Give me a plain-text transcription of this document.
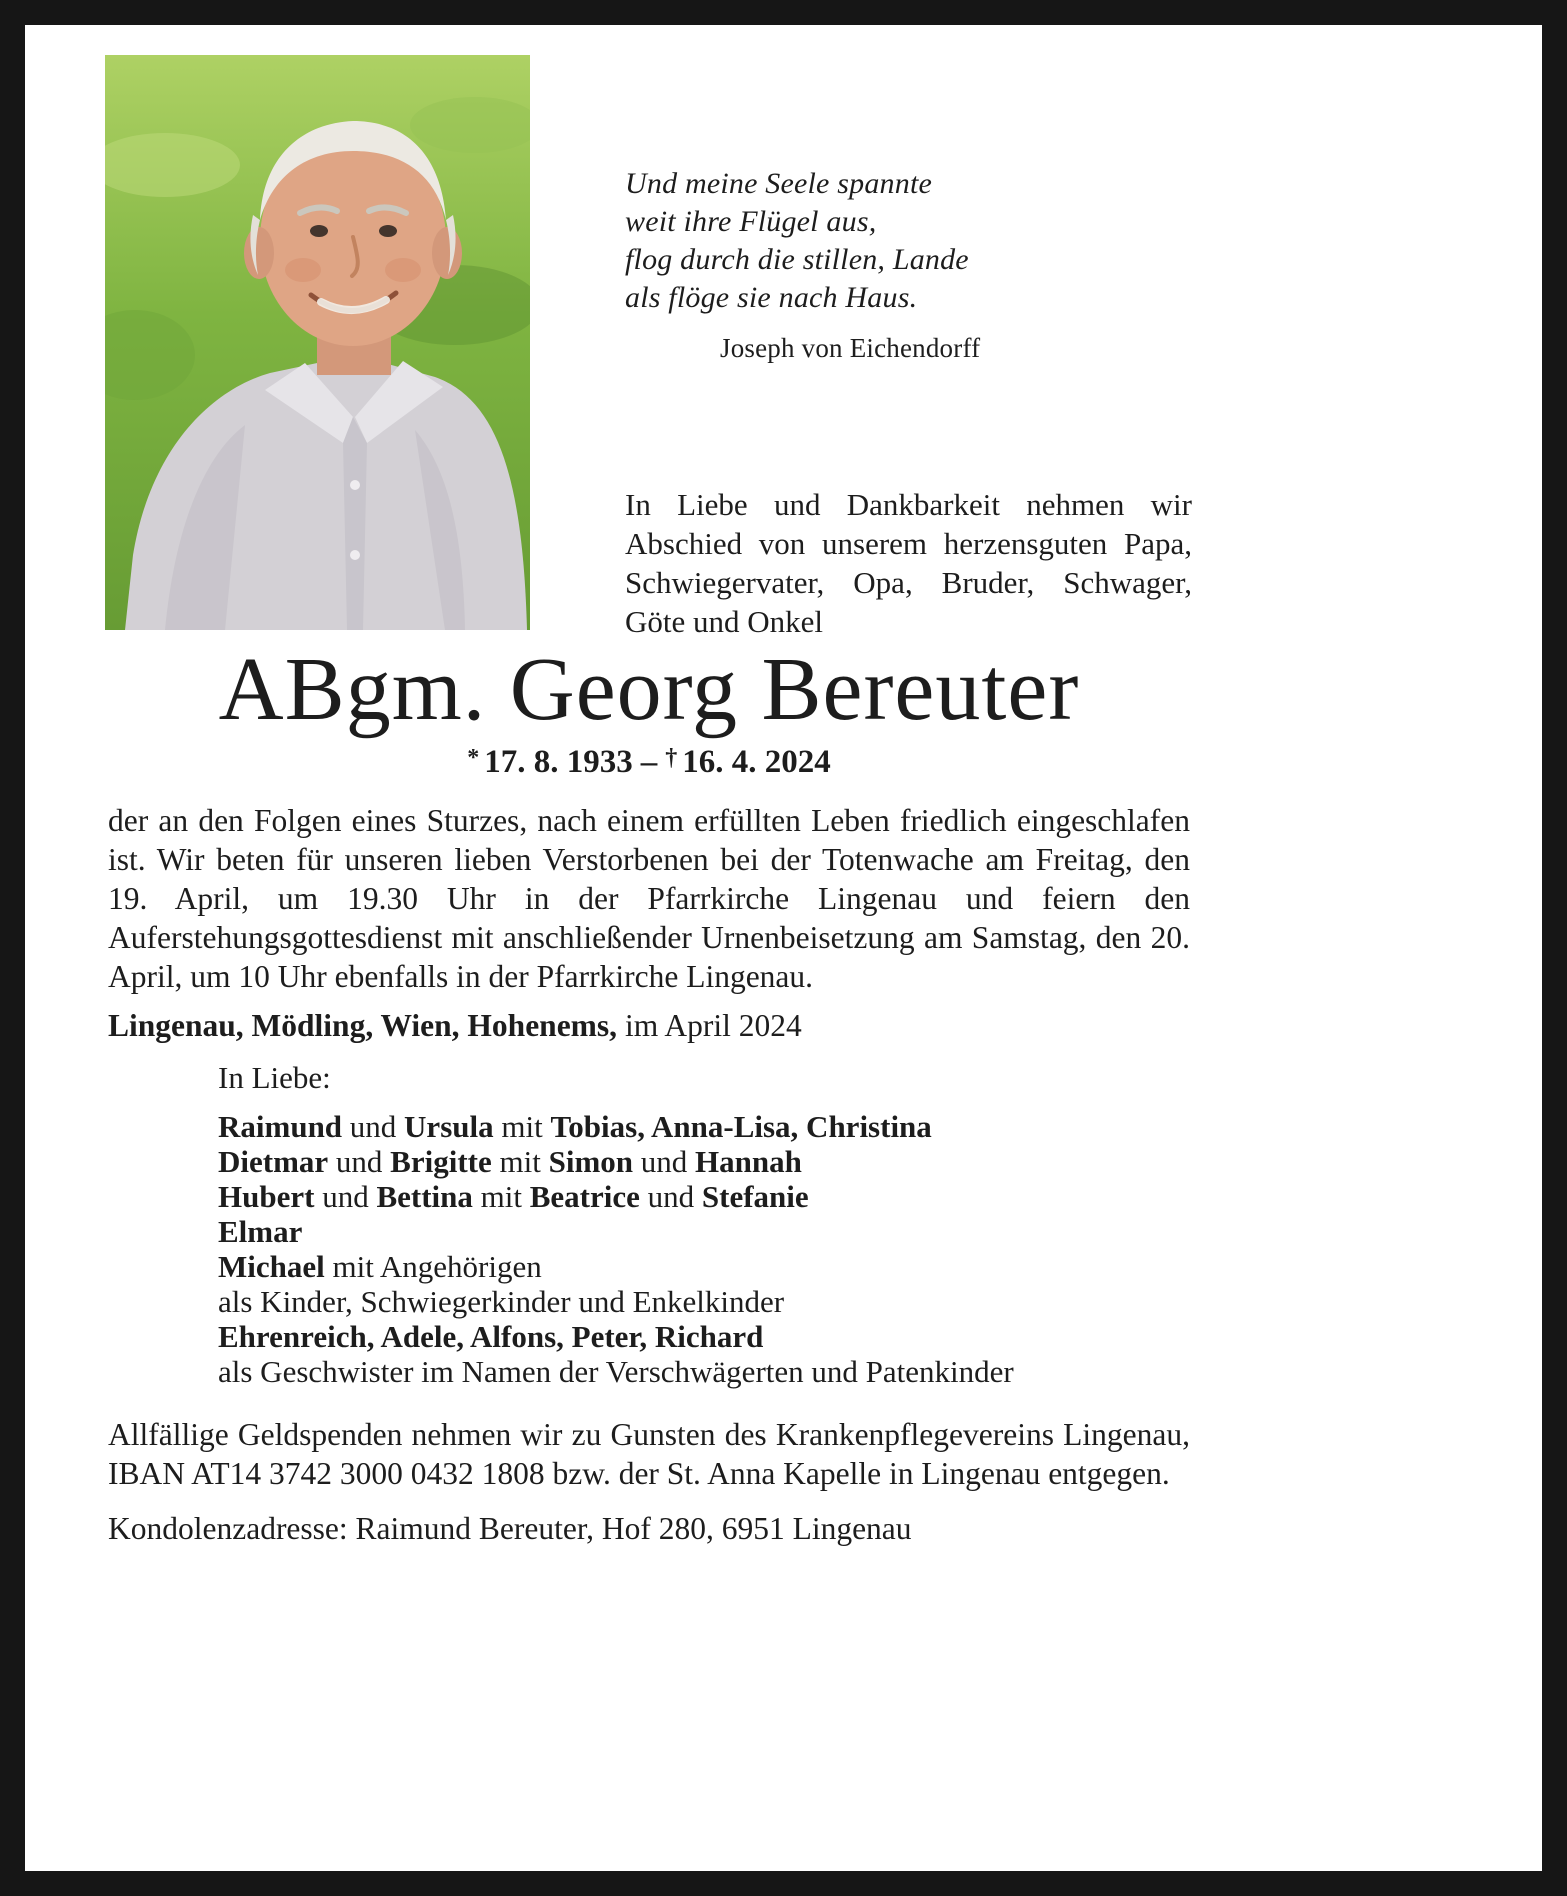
Und meine Seele spannte
weit ihre Flügel aus,
flog durch die stillen, Lande
als flöge sie nach Haus.
Joseph von Eichendorff

In Liebe und Dankbarkeit nehmen wir Abschied von unserem herzensguten Papa, Schwiegervater, Opa, Bruder, Schwager, Göte und Onkel

ABgm. Georg Bereuter
* 17. 8. 1933 – † 16. 4. 2024

der an den Folgen eines Sturzes, nach einem erfüllten Leben friedlich eingeschlafen ist. Wir beten für unseren lieben Verstorbenen bei der Totenwache am Freitag, den 19. April, um 19.30 Uhr in der Pfarrkirche Lingenau und feiern den Auferstehungsgottesdienst mit anschließender Urnenbeisetzung am Samstag, den 20. April, um 10 Uhr ebenfalls in der Pfarrkirche Lingenau.

Lingenau, Mödling, Wien, Hohenems, im April 2024

In Liebe:
Raimund und Ursula mit Tobias, Anna-Lisa, Christina
Dietmar und Brigitte mit Simon und Hannah
Hubert und Bettina mit Beatrice und Stefanie
Elmar
Michael mit Angehörigen
als Kinder, Schwiegerkinder und Enkelkinder
Ehrenreich, Adele, Alfons, Peter, Richard
als Geschwister im Namen der Verschwägerten und Patenkinder

Allfällige Geldspenden nehmen wir zu Gunsten des Krankenpflegevereins Lingenau, IBAN AT14 3742 3000 0432 1808 bzw. der St. Anna Kapelle in Lingenau entgegen.

Kondolenzadresse: Raimund Bereuter, Hof 280, 6951 Lingenau
